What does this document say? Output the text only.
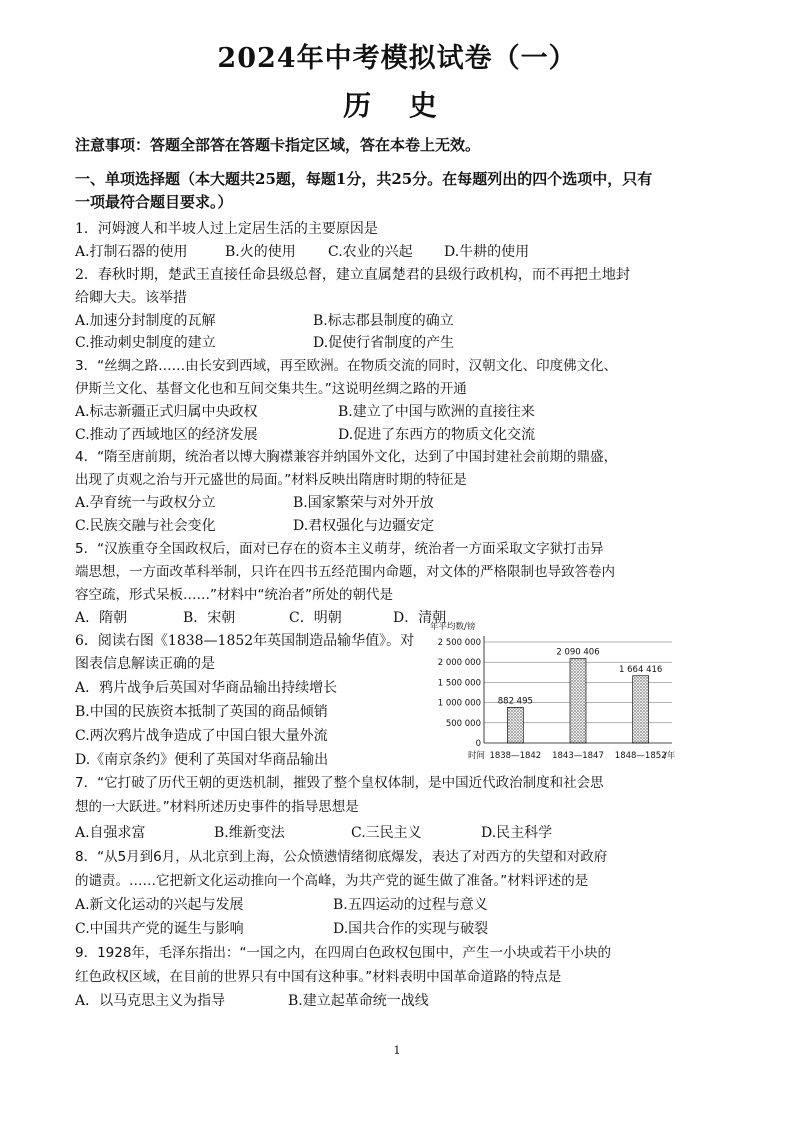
2024年中考模拟试卷（一）
历 史
注意事项：答题全部答在答题卡指定区域，答在本卷上无效。
一、单项选择题（本大题共25题，每题1分，共25分。在每题列出的四个选项中，只有
一项最符合题目要求。）
1．河姆渡人和半坡人过上定居生活的主要原因是
A.打制石器的使用	B.火的使用 C.农业的兴起 D.牛耕的使用
2．春秋时期，楚武王直接任命县级总督，建立直属楚君的县级行政机构，而不再把土地封
给卿大夫。该举措
A.加速分封制度的瓦解	B.标志郡县制度的确立
C.推动刺史制度的建立	D.促使行省制度的产生
3．“丝绸之路……由长安到西域，再至欧洲。在物质交流的同时，汉朝文化、印度佛文化、
伊斯兰文化、基督文化也和互间交集共生。”这说明丝绸之路的开通
A.标志新疆正式归属中央政权	B.建立了中国与欧洲的直接往来
C.推动了西域地区的经济发展	D.促进了东西方的物质文化交流
4．“隋至唐前期，统治者以博大胸襟兼容并纳国外文化，达到了中国封建社会前期的鼎盛，
出现了贞观之治与开元盛世的局面。”材料反映出隋唐时期的特征是
A.孕育统一与政权分立	B.国家繁荣与对外开放
C.民族交融与社会变化	D.君权强化与边疆安定
5．“汉族重夺全国政权后，面对已存在的资本主义萌芽，统治者一方面采取文字狱打击异
端思想，一方面改革科举制，只许在四书五经范围内命题，对文体的严格限制也导致答卷内
容空疏，形式呆板……”材料中“统治者”所处的朝代是
A．隋朝	B．宋朝	C．明朝	D．清朝
6．阅读右图《1838—1852年英国制造品输华值》。对
图表信息解读正确的是
A．鸦片战争后英国对华商品输出持续增长
B.中国的民族资本抵制了英国的商品倾销
C.两次鸦片战争造成了中国白银大量外流
D.《南京条约》便利了英国对华商品输出
年平均数/镑
0
500 000
1 000 000
1 500 000
2 000 000
2 500 000
882 495
2 090 406
1 664 416
时间 1838—1842 1843—1847 1848—1852
/年
7．“它打破了历代王朝的更迭机制，摧毁了整个皇权体制，是中国近代政治制度和社会思
想的一大跃进。”材料所述历史事件的指导思想是
A.自强求富	B.维新变法	C.三民主义	D.民主科学
8．“从5月到6月，从北京到上海，公众愤懑情绪彻底爆发，表达了对西方的失望和对政府
的谴责。……它把新文化运动推向一个高峰，为共产党的诞生做了准备。”材料评述的是
A.新文化运动的兴起与发展	B.五四运动的过程与意义
C.中国共产党的诞生与影响	D.国共合作的实现与破裂
9．1928年，毛泽东指出：“一国之内，在四周白色政权包围中，产生一小块或若干小块的
红色政权区域，在目前的世界只有中国有这种事。”材料表明中国革命道路的特点是
A．以马克思主义为指导	B.建立起革命统一战线
1
